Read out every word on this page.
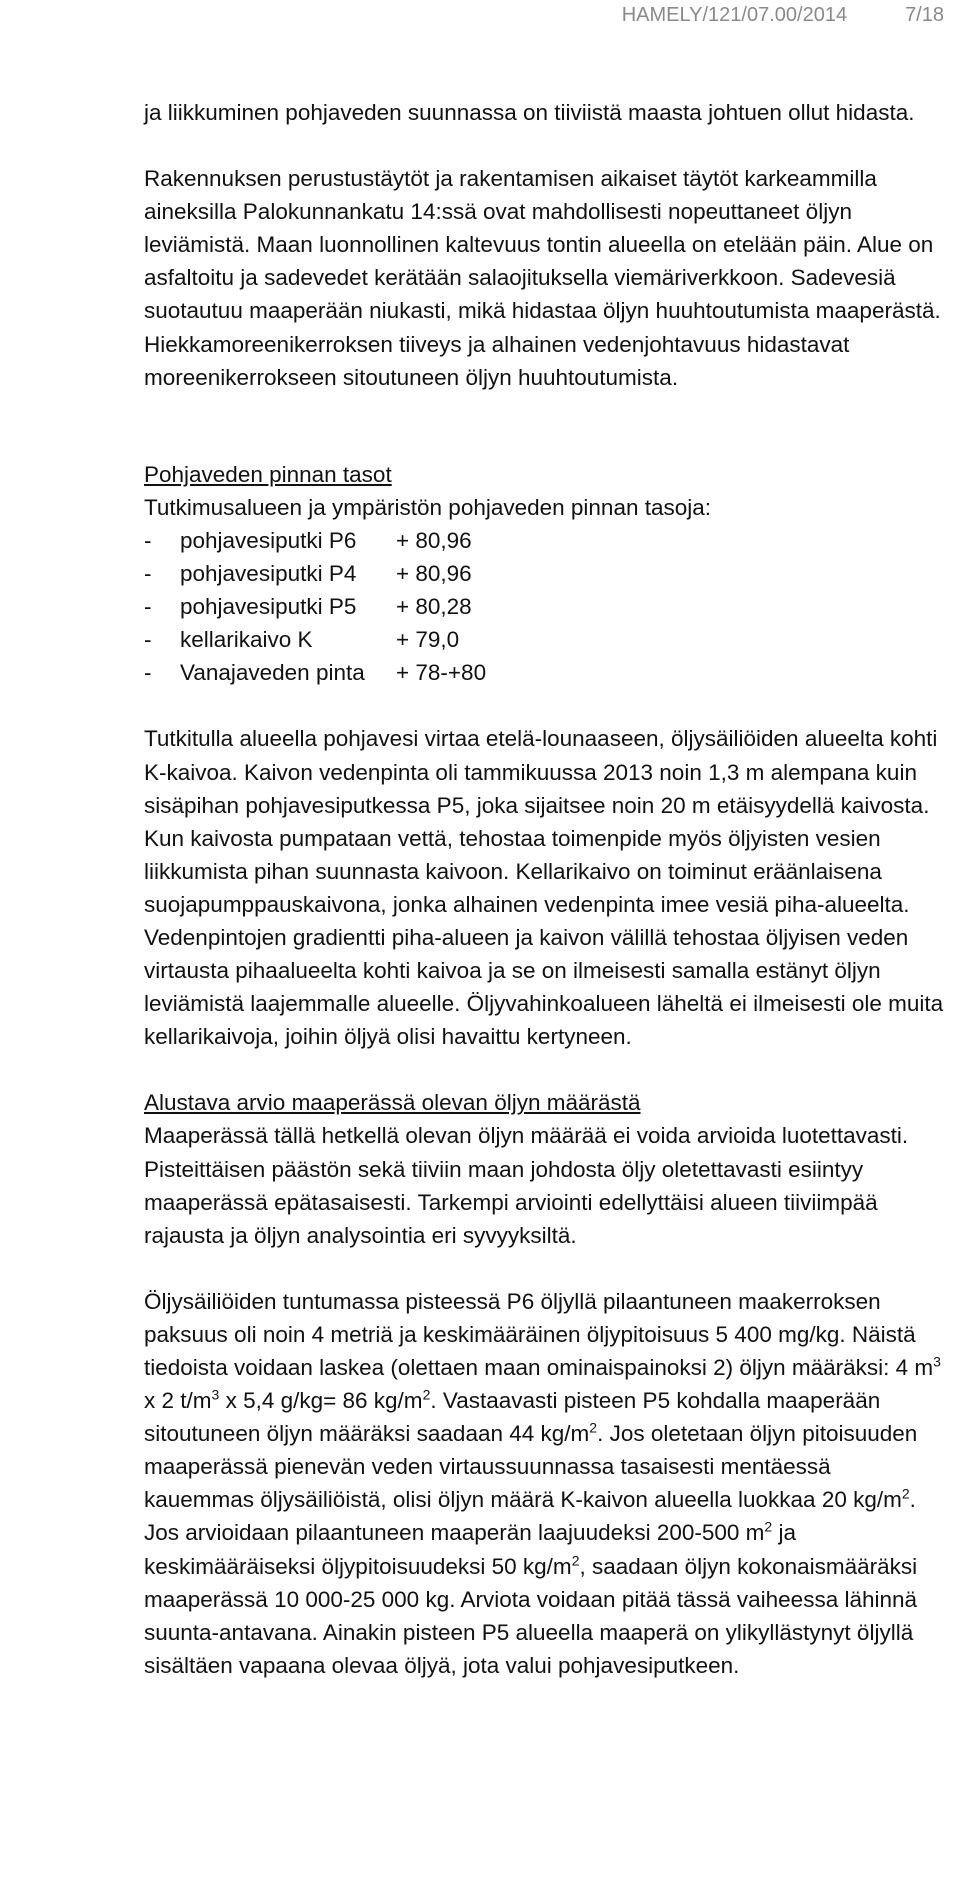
HAMELY/121/07.00/2014	7/18

ja liikkuminen pohjaveden suunnassa on tiiviistä maasta johtuen ollut hidasta.

Rakennuksen perustustäytöt ja rakentamisen aikaiset täytöt karkeammilla aineksilla Palokunnankatu 14:ssä ovat mahdollisesti nopeuttaneet öljyn leviämistä. Maan luonnollinen kaltevuus tontin alueella on etelään päin. Alue on asfaltoitu ja sadevedet kerätään salaojituksella viemäriverkkoon. Sadevesiä suotautuu maaperään niukasti, mikä hidastaa öljyn huuhtoutumista maaperästä. Hiekkamoreenikerroksen tiiveys ja alhainen vedenjohtavuus hidastavat moreenikerrokseen sitoutuneen öljyn huuhtoutumista.

Pohjaveden pinnan tasot

Tutkimusalueen ja ympäristön pohjaveden pinnan tasoja:

-	pohjavesiputki P6	+ 80,96
-	pohjavesiputki P4	+ 80,96
-	pohjavesiputki P5	+ 80,28
-	kellarikaivo K	+ 79,0
-	Vanajaveden pinta	+ 78-+80

Tutkitulla alueella pohjavesi virtaa etelä-lounaaseen, öljysäiliöiden alueelta kohti K-kaivoa. Kaivon vedenpinta oli tammikuussa 2013 noin 1,3 m alempana kuin sisäpihan pohjavesiputkessa P5, joka sijaitsee noin 20 m etäisyydellä kaivosta. Kun kaivosta pumpataan vettä, tehostaa toimenpide myös öljyisten vesien liikkumista pihan suunnasta kaivoon. Kellarikaivo on toiminut eräänlaisena suojapumppauskaivona, jonka alhainen vedenpinta imee vesiä piha-alueelta. Vedenpintojen gradientti piha-alueen ja kaivon välillä tehostaa öljyisen veden virtausta pihaalueelta kohti kaivoa ja se on ilmeisesti samalla estänyt öljyn leviämistä laajemmalle alueelle. Öljyvahinkoalueen läheltä ei ilmeisesti ole muita kellarikaivoja, joihin öljyä olisi havaittu kertyneen.

Alustava arvio maaperässä olevan öljyn määrästä

Maaperässä tällä hetkellä olevan öljyn määrää ei voida arvioida luotettavasti. Pisteittäisen päästön sekä tiiviin maan johdosta öljy oletettavasti esiintyy maaperässä epätasaisesti. Tarkempi arviointi edellyttäisi alueen tiiviimpää rajausta ja öljyn analysointia eri syvyyksiltä.

Öljysäiliöiden tuntumassa pisteessä P6 öljyllä pilaantuneen maakerroksen paksuus oli noin 4 metriä ja keskimääräinen öljypitoisuus 5 400 mg/kg. Näistä tiedoista voidaan laskea (olettaen maan ominaispainoksi 2) öljyn määräksi: 4 $m^3$ x 2 $t/m^3$ x 5,4 g/kg= 86 $kg/m^2$. Vastaavasti pisteen P5 kohdalla maaperään sitoutuneen öljyn määräksi saadaan 44 $kg/m^2$. Jos oletetaan öljyn pitoisuuden maaperässä pienevän veden virtaussuunnassa tasaisesti mentäessä kauemmas öljysäiliöistä, olisi öljyn määrä K-kaivon alueella luokkaa 20 $kg/m^2$. Jos arvioidaan pilaantuneen maaperän laajuudeksi 200-500 $m^2$ ja keskimääräiseksi öljypitoisuudeksi 50 $kg/m^2$, saadaan öljyn kokonaismääräksi maaperässä 10 000-25 000 kg. Arviota voidaan pitää tässä vaiheessa lähinnä suunta-antavana. Ainakin pisteen P5 alueella maaperä on ylikyllästynyt öljyllä sisältäen vapaana olevaa öljyä, jota valui pohjavesiputkeen.
